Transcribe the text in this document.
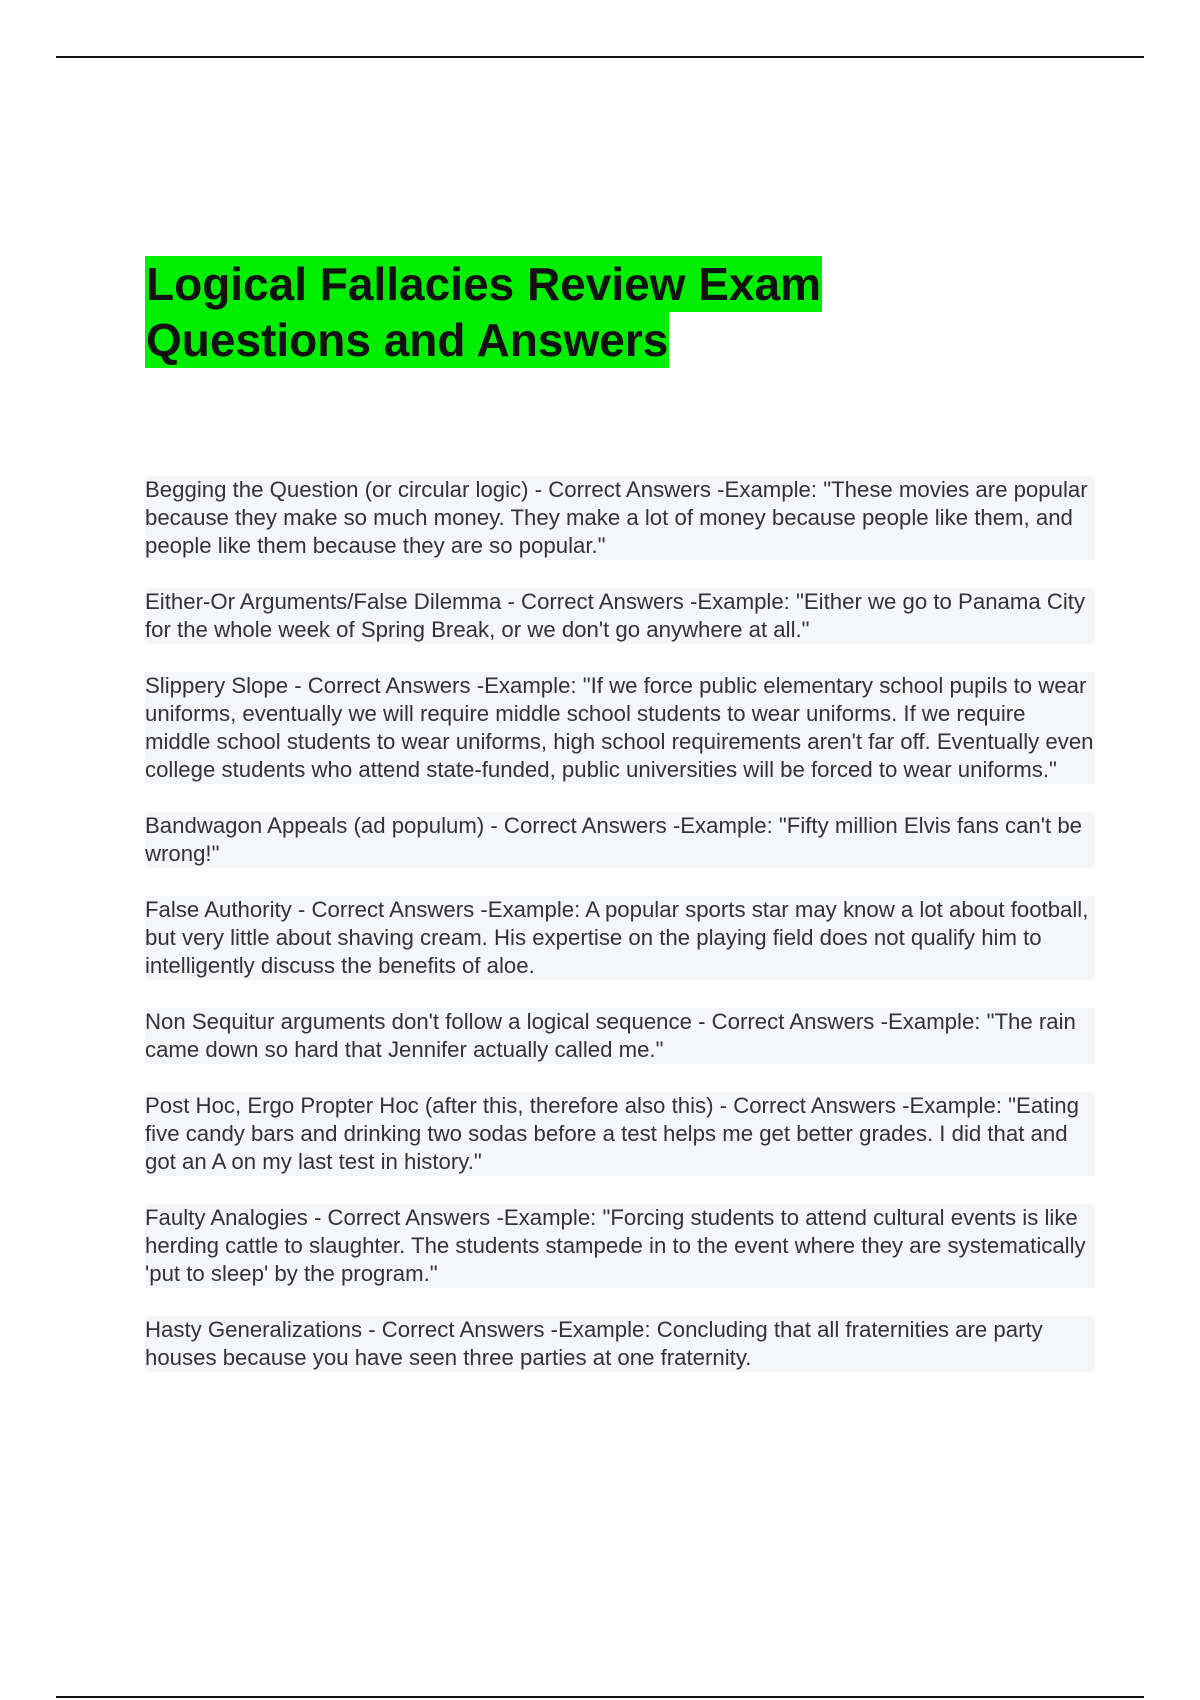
Logical Fallacies Review Exam
Questions and Answers
Begging the Question (or circular logic) - Correct Answers -Example: "These movies are popular because they make so much money. They make a lot of money because people like them, and people like them because they are so popular."
Either-Or Arguments/False Dilemma - Correct Answers -Example: "Either we go to Panama City for the whole week of Spring Break, or we don't go anywhere at all."
Slippery Slope - Correct Answers -Example: "If we force public elementary school pupils to wear uniforms, eventually we will require middle school students to wear uniforms. If we require middle school students to wear uniforms, high school requirements aren't far off. Eventually even college students who attend state-funded, public universities will be forced to wear uniforms."
Bandwagon Appeals (ad populum) - Correct Answers -Example: "Fifty million Elvis fans can't be wrong!"
False Authority - Correct Answers -Example: A popular sports star may know a lot about football, but very little about shaving cream. His expertise on the playing field does not qualify him to intelligently discuss the benefits of aloe.
Non Sequitur arguments don't follow a logical sequence - Correct Answers -Example: "The rain came down so hard that Jennifer actually called me."
Post Hoc, Ergo Propter Hoc (after this, therefore also this) - Correct Answers -Example: "Eating five candy bars and drinking two sodas before a test helps me get better grades. I did that and got an A on my last test in history."
Faulty Analogies - Correct Answers -Example: "Forcing students to attend cultural events is like herding cattle to slaughter. The students stampede in to the event where they are systematically 'put to sleep' by the program."
Hasty Generalizations - Correct Answers -Example: Concluding that all fraternities are party houses because you have seen three parties at one fraternity.
